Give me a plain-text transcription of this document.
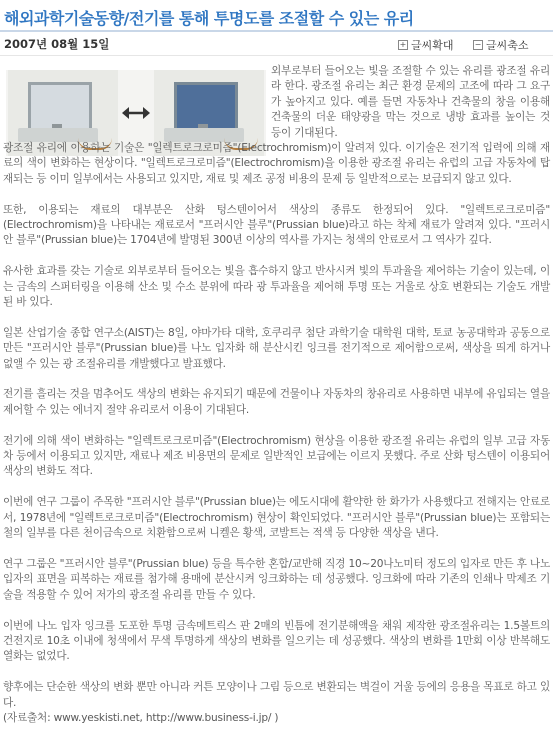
해외과학기술동향/전기를 통해 투명도를 조절할 수 있는 유리
2007년 08월 15일	+ 글씨확대	− 글씨축소

외부로부터 들어오는 빛을 조절할 수 있는 유리를 광조절 유리라 한다. 광조절 유리는 최근 환경 문제의 고조에 따라 그 요구가 높아지고 있다. 예를 들면 자동차나 건축물의 창을 이용해 건축물의 더운 태양광을 막는 것으로 냉방 효과를 높이는 것 등이 기대된다.

광조절 유리에 이용하는 기술은 "일렉트로크로미즘"(Electrochromism)이 알려져 있다. 이기술은 전기적 입력에 의해 재료의 색이 변화하는 현상이다. "일렉트로크로미즘"(Electrochromism)을 이용한 광조절 유리는 유럽의 고급 자동차에 탑재되는 등 이미 일부에서는 사용되고 있지만, 재료 및 제조 공정 비용의 문제 등 일반적으로는 보급되지 않고 있다.

또한, 이용되는 재료의 대부분은 산화 텅스텐이어서 색상의 종류도 한정되어 있다. "일렉트로크로미즘"(Electrochromism)을 나타내는 재료로서 "프러시안 블루"(Prussian blue)라고 하는 착체 재료가 알려져 있다. "프러시안 블루"(Prussian blue)는 1704년에 발명된 300년 이상의 역사를 가지는 청색의 안료로서 그 역사가 깊다.

유사한 효과를 갖는 기술로 외부로부터 들어오는 빛을 흡수하지 않고 반사시켜 빛의 투과율을 제어하는 기술이 있는데, 이는 금속의 스퍼터링을 이용해 산소 및 수소 분위에 따라 광 투과율을 제어해 투명 또는 거울로 상호 변환되는 기술도 개발된 바 있다.

일본 산업기술 종합 연구소(AIST)는 8일, 야마가타 대학, 호쿠리쿠 첨단 과학기술 대학원 대학, 토쿄 농공대학과 공동으로 만든 "프러시안 블루"(Prussian blue)를 나노 입자화 해 분산시킨 잉크를 전기적으로 제어함으로써, 색상을 띄게 하거나 없앨 수 있는 광 조절유리를 개발했다고 발표했다.

전기를 흘리는 것을 멈추어도 색상의 변화는 유지되기 때문에 건물이나 자동차의 창유리로 사용하면 내부에 유입되는 열을 제어할 수 있는 에너지 절약 유리로서 이용이 기대된다.

전기에 의해 색이 변화하는 "일렉트로크로미즘"(Electrochromism) 현상을 이용한 광조절 유리는 유럽의 일부 고급 자동차 등에서 이용되고 있지만, 재료나 제조 비용면의 문제로 일반적인 보급에는 이르지 못했다. 주로 산화 텅스텐이 이용되어 색상의 변화도 적다.

이번에 연구 그룹이 주목한 "프러시안 블루"(Prussian blue)는 에도시대에 활약한 한 화가가 사용했다고 전해지는 안료로서, 1978년에 "일렉트로크로미즘"(Electrochromism) 현상이 확인되었다. "프러시안 블루"(Prussian blue)는 포함되는 철의 일부를 다른 천이금속으로 치환함으로써 니켈은 황색, 코발트는 적색 등 다양한 색상을 낸다.

연구 그룹은 "프러시안 블루"(Prussian blue) 등을 특수한 혼합/교반해 직경 10~20나노미터 정도의 입자로 만든 후 나노 입자의 표면을 피복하는 재료를 첨가해 용매에 분산시켜 잉크화하는 데 성공했다. 잉크화에 따라 기존의 인쇄나 막제조 기술을 적용할 수 있어 저가의 광조절 유리를 만들 수 있다.

이번에 나노 입자 잉크를 도포한 투명 금속메트릭스 판 2매의 빈틈에 전기분해액을 채워 제작한 광조절유리는 1.5볼트의 건전지로 10초 이내에 청색에서 무색 투명하게 색상의 변화를 일으키는 데 성공했다. 색상의 변화를 1만회 이상 반복해도 열화는 없었다.

향후에는 단순한 색상의 변화 뿐만 아니라 커튼 모양이나 그림 등으로 변환되는 벽걸이 거울 등에의 응용을 목표로 하고 있다.

(자료출처: www.yeskisti.net, http://www.business-i.jp/ )
